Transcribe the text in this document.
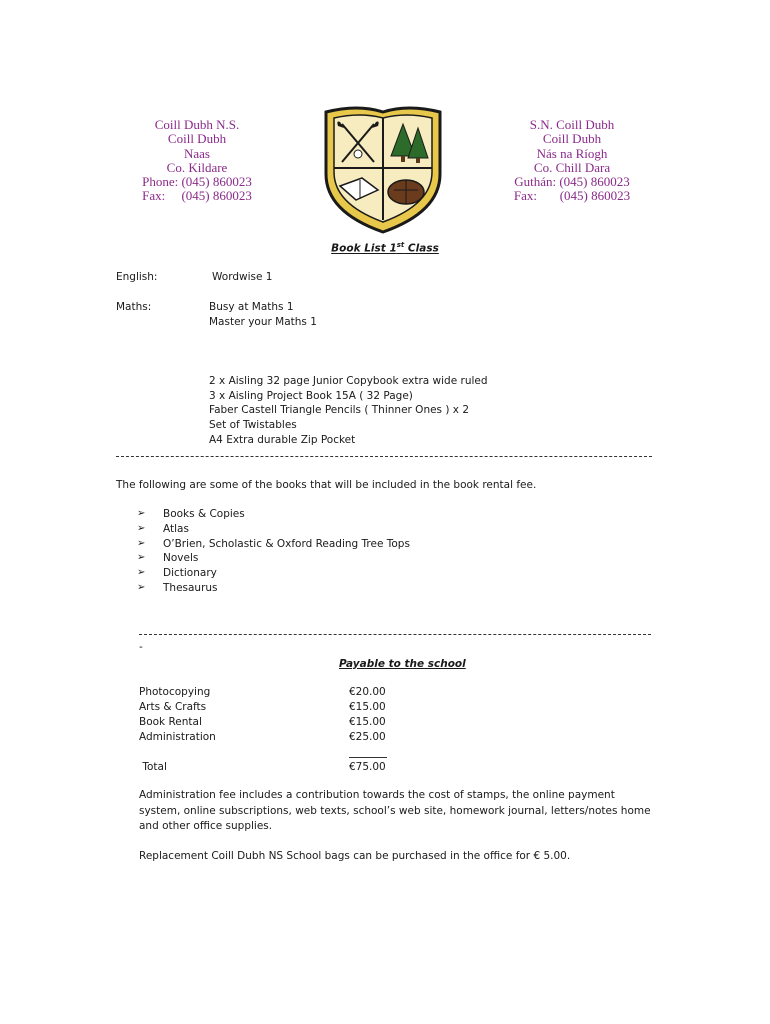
Coill Dubh N.S.
Coill Dubh
Naas
Co. Kildare
Phone: (045) 860023
Fax:     (045) 860023
S.N. Coill Dubh
Coill Dubh
Nás na Ríogh
Co. Chill Dara
Guthán: (045) 860023
Fax:       (045) 860023
Book List 1st Class
English:	Wordwise 1
Maths:	Busy at Maths 1
Master your Maths 1
2 x Aisling 32 page Junior Copybook extra wide ruled
3 x Aisling Project Book 15A ( 32 Page)
Faber Castell Triangle Pencils ( Thinner Ones ) x 2
Set of Twistables
A4 Extra durable Zip Pocket
The following are some of the books that will be included in the book rental fee.
➢ Books & Copies
➢ Atlas
➢ O’Brien, Scholastic & Oxford Reading Tree Tops
➢ Novels
➢ Dictionary
➢ Thesaurus
-
Payable to the school
Photocopying	€20.00
Arts & Crafts	€15.00
Book Rental	€15.00
Administration	€25.00
Total	€75.00
Administration fee includes a contribution towards the cost of stamps, the online payment system, online subscriptions, web texts, school’s web site, homework journal, letters/notes home and other office supplies.
Replacement Coill Dubh NS School bags can be purchased in the office for € 5.00.
